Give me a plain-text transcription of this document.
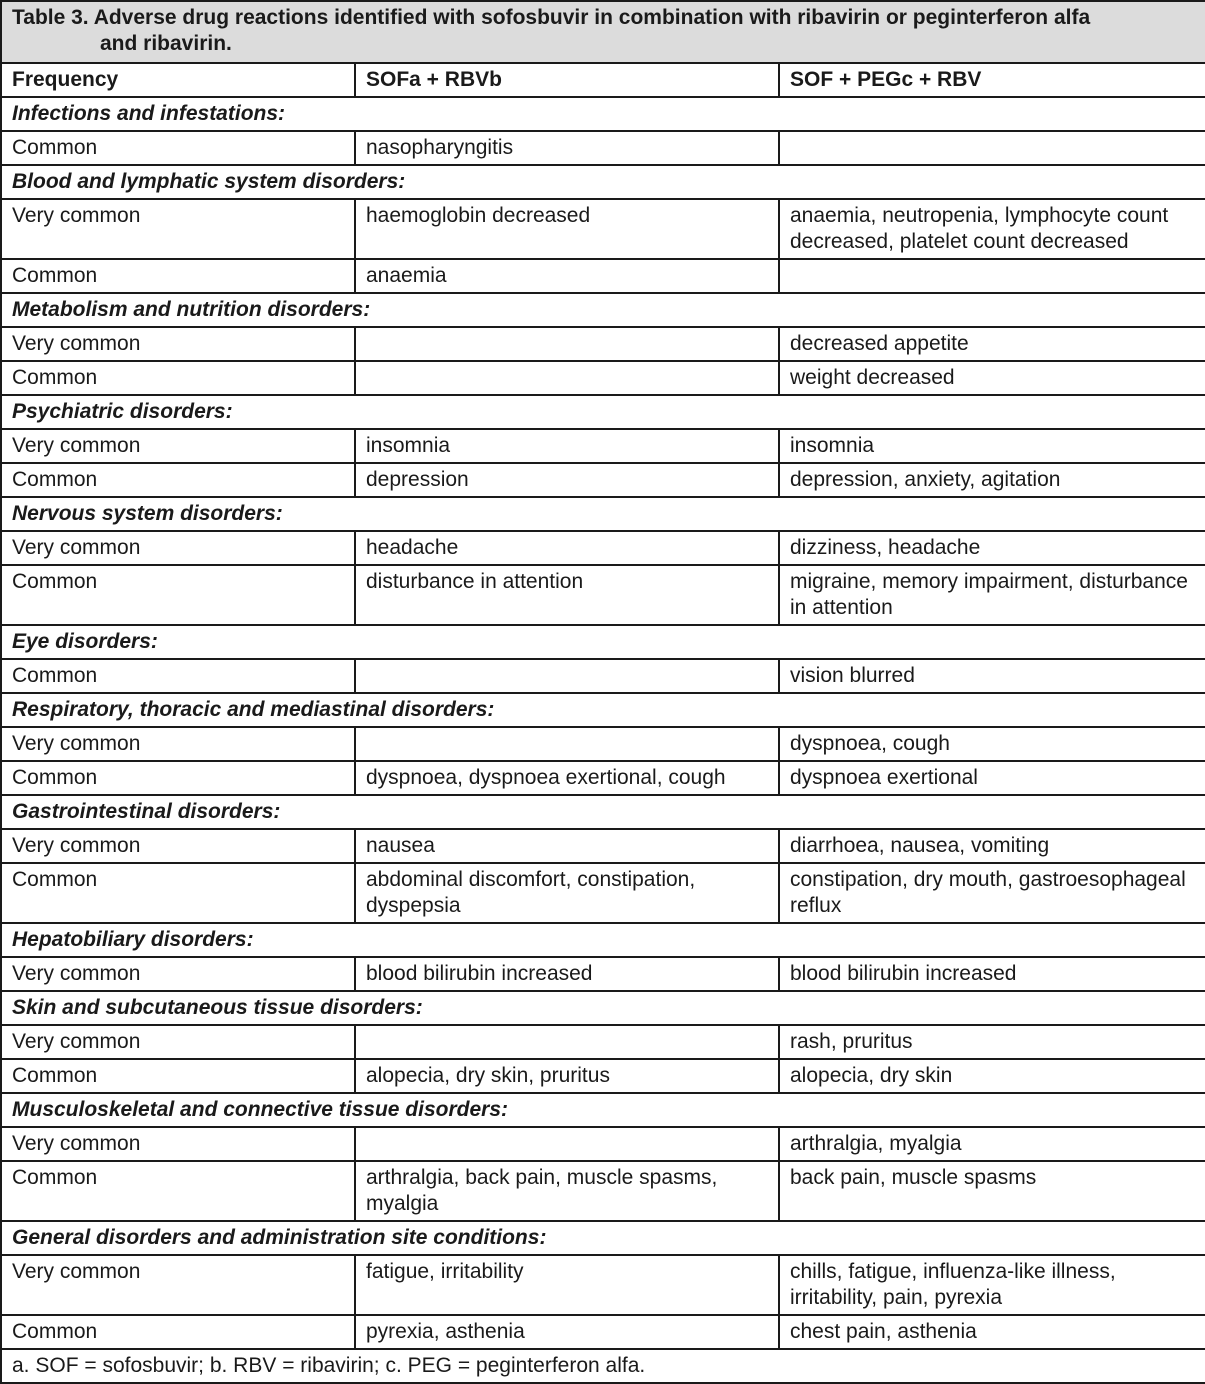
Table 3. Adverse drug reactions identified with sofosbuvir in combination with ribavirin or peginterferon alfa
and ribavirin.		

Frequency	SOFa + RBVb	SOF + PEGc + RBV
Infections and infestations:		
Common	nasopharyngitis	
Blood and lymphatic system disorders:		
Very common	haemoglobin decreased	anaemia, neutropenia, lymphocyte count decreased, platelet count decreased
Common	anaemia	
Metabolism and nutrition disorders:		
Very common		decreased appetite
Common		weight decreased
Psychiatric disorders:		
Very common	insomnia	insomnia
Common	depression	depression, anxiety, agitation
Nervous system disorders:		
Very common	headache	dizziness, headache
Common	disturbance in attention	migraine, memory impairment, disturbance in attention
Eye disorders:		
Common		vision blurred
Respiratory, thoracic and mediastinal disorders:		
Very common		dyspnoea, cough
Common	dyspnoea, dyspnoea exertional, cough	dyspnoea exertional
Gastrointestinal disorders:		
Very common	nausea	diarrhoea, nausea, vomiting
Common	abdominal discomfort, constipation, dyspepsia	constipation, dry mouth, gastroesophageal reflux
Hepatobiliary disorders:		
Very common	blood bilirubin increased	blood bilirubin increased
Skin and subcutaneous tissue disorders:		
Very common		rash, pruritus
Common	alopecia, dry skin, pruritus	alopecia, dry skin
Musculoskeletal and connective tissue disorders:		
Very common		arthralgia, myalgia
Common	arthralgia, back pain, muscle spasms, myalgia	back pain, muscle spasms
General disorders and administration site conditions:		
Very common	fatigue, irritability	chills, fatigue, influenza-like illness, irritability, pain, pyrexia
Common	pyrexia, asthenia	chest pain, asthenia
a. SOF = sofosbuvir; b. RBV = ribavirin; c. PEG = peginterferon alfa.		
